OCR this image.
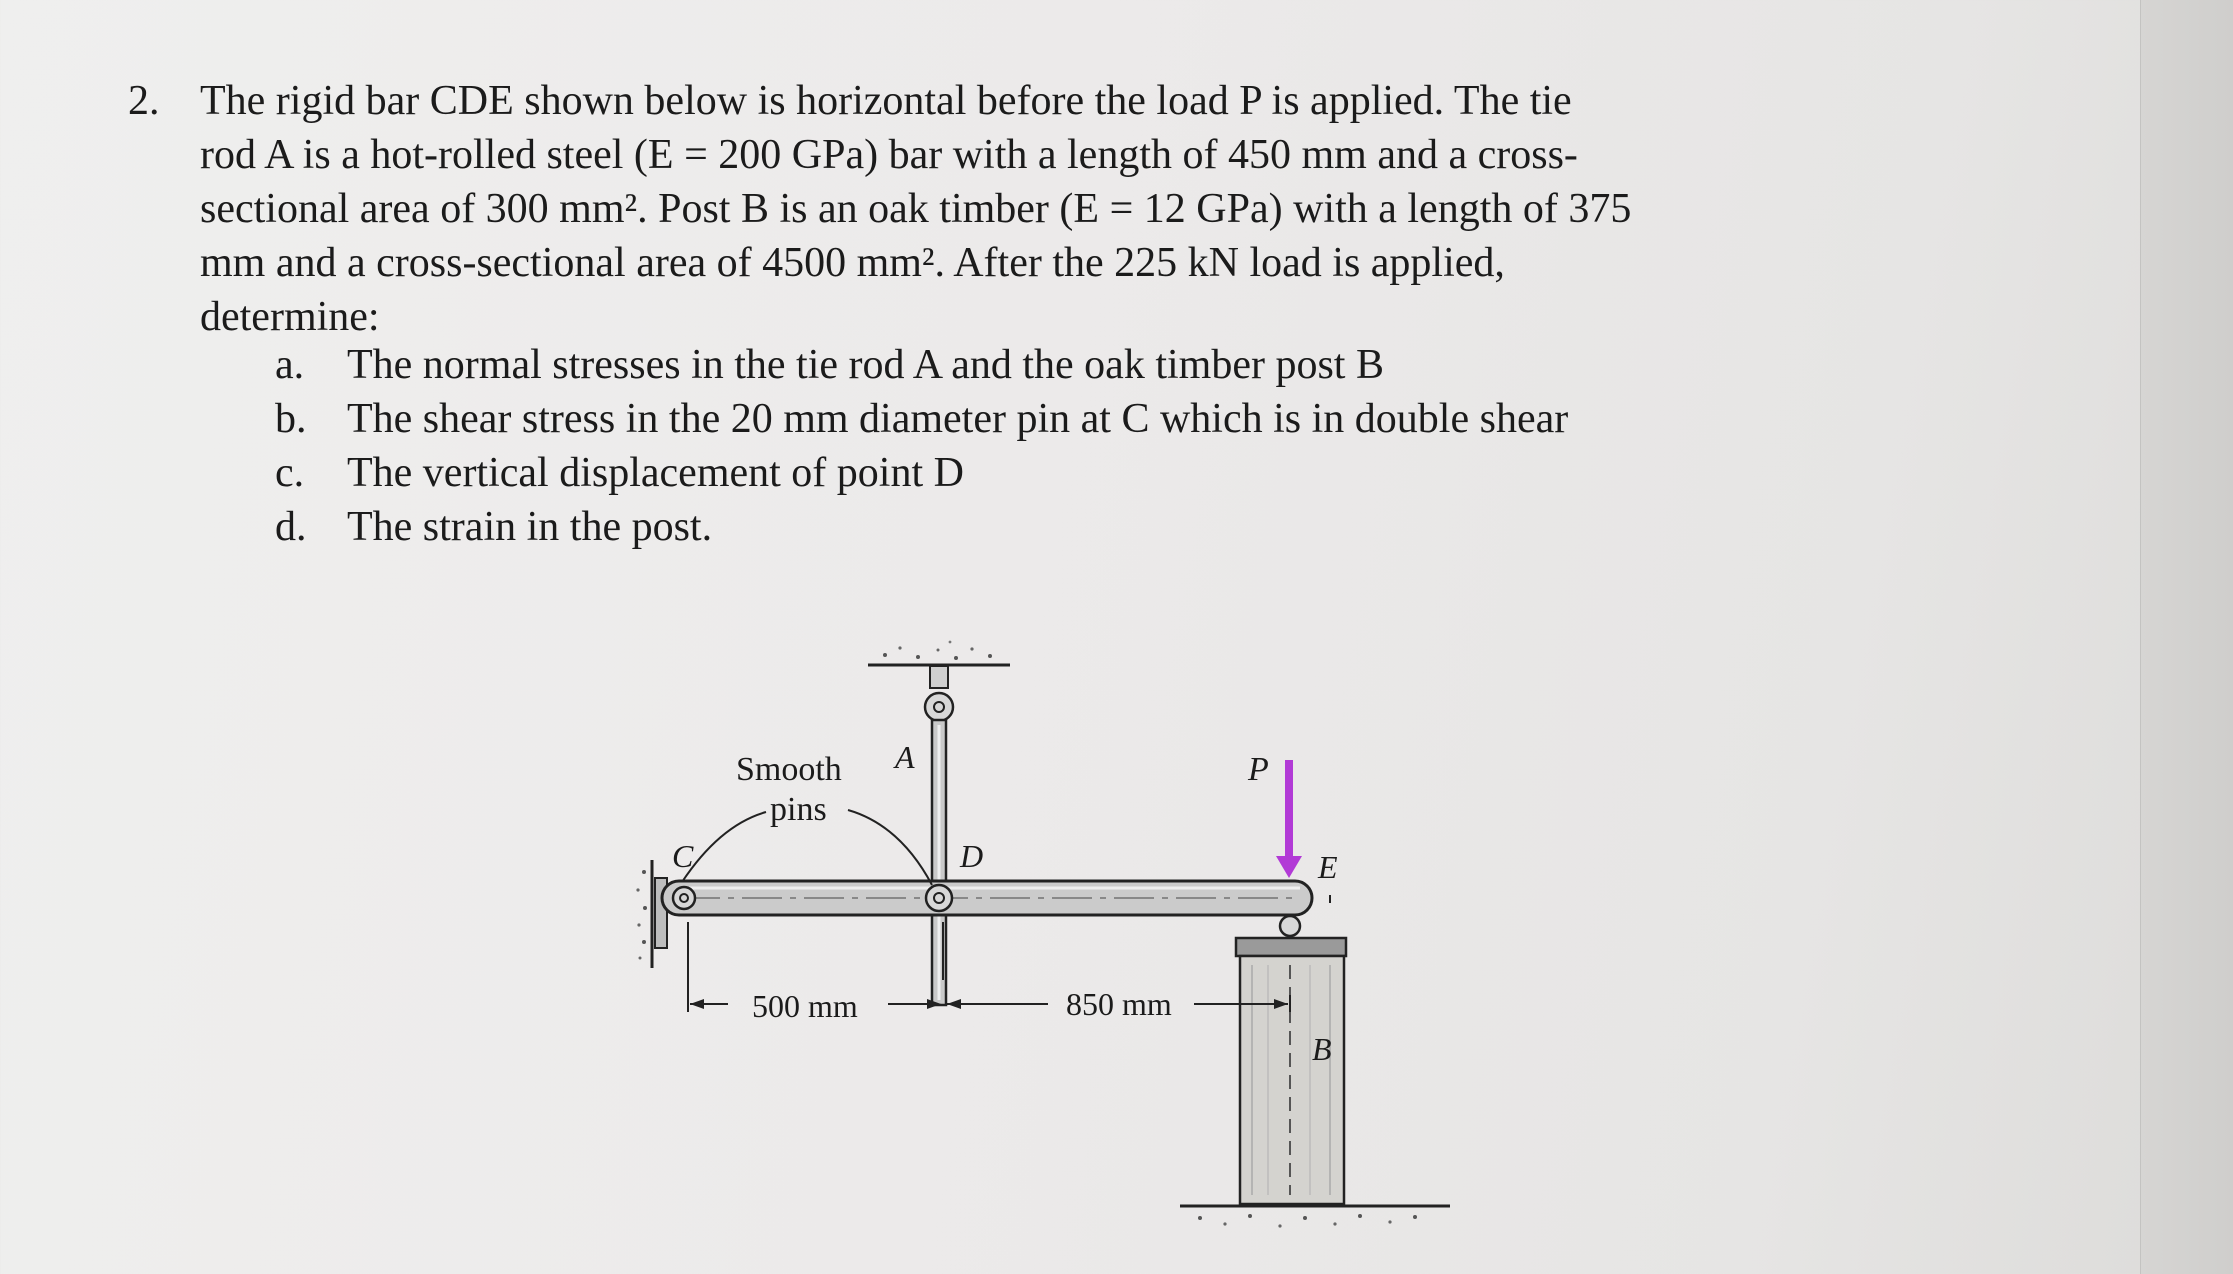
2. The rigid bar CDE shown below is horizontal before the load P is applied. The tie
rod A is a hot-rolled steel (E = 200 GPa) bar with a length of 450 mm and a cross-
sectional area of 300 mm². Post B is an oak timber (E = 12 GPa) with a length of 375
mm and a cross-sectional area of 4500 mm². After the 225 kN load is applied,
determine:

a. The normal stresses in the tie rod A and the oak timber post B
b. The shear stress in the 20 mm diameter pin at C which is in double shear
c. The vertical displacement of point D
d. The strain in the post.
Smooth
pins
A
C	D
P
E
B
500 mm	850 mm
